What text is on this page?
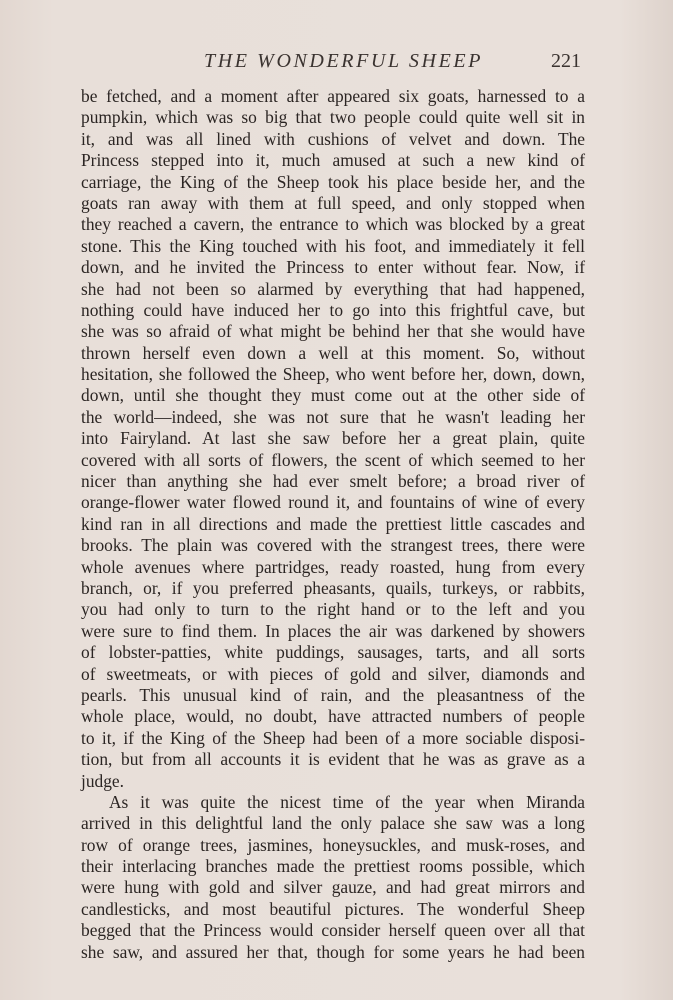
THE WONDERFUL SHEEP	221
be fetched, and a moment after appeared six goats, harnessed to a
pumpkin, which was so big that two people could quite well sit in
it, and was all lined with cushions of velvet and down. The
Princess stepped into it, much amused at such a new kind of
carriage, the King of the Sheep took his place beside her, and the
goats ran away with them at full speed, and only stopped when
they reached a cavern, the entrance to which was blocked by a great
stone. This the King touched with his foot, and immediately it fell
down, and he invited the Princess to enter without fear. Now, if
she had not been so alarmed by everything that had happened,
nothing could have induced her to go into this frightful cave, but
she was so afraid of what might be behind her that she would have
thrown herself even down a well at this moment. So, without
hesitation, she followed the Sheep, who went before her, down, down,
down, until she thought they must come out at the other side of
the world—indeed, she was not sure that he wasn't leading her
into Fairyland. At last she saw before her a great plain, quite
covered with all sorts of flowers, the scent of which seemed to her
nicer than anything she had ever smelt before; a broad river of
orange-flower water flowed round it, and fountains of wine of every
kind ran in all directions and made the prettiest little cascades and
brooks. The plain was covered with the strangest trees, there were
whole avenues where partridges, ready roasted, hung from every
branch, or, if you preferred pheasants, quails, turkeys, or rabbits,
you had only to turn to the right hand or to the left and you
were sure to find them. In places the air was darkened by showers
of lobster-patties, white puddings, sausages, tarts, and all sorts
of sweetmeats, or with pieces of gold and silver, diamonds and
pearls. This unusual kind of rain, and the pleasantness of the
whole place, would, no doubt, have attracted numbers of people
to it, if the King of the Sheep had been of a more sociable disposi-
tion, but from all accounts it is evident that he was as grave as a
judge.
As it was quite the nicest time of the year when Miranda
arrived in this delightful land the only palace she saw was a long
row of orange trees, jasmines, honeysuckles, and musk-roses, and
their interlacing branches made the prettiest rooms possible, which
were hung with gold and silver gauze, and had great mirrors and
candlesticks, and most beautiful pictures. The wonderful Sheep
begged that the Princess would consider herself queen over all that
she saw, and assured her that, though for some years he had been
